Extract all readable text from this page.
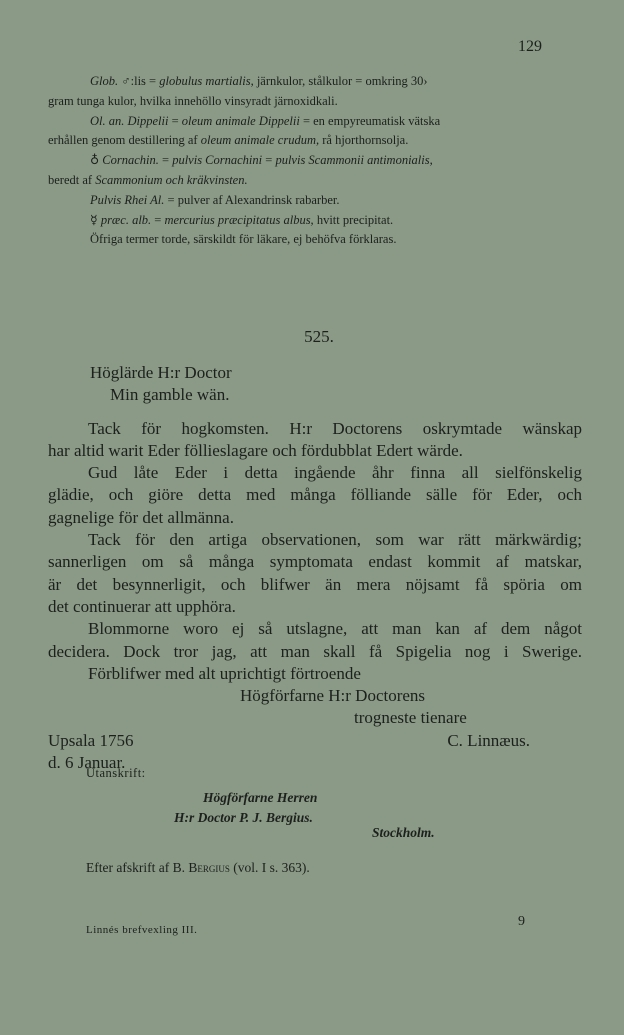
129

Glob. ♂:lis = globulus martialis, järnkulor, stålkulor = omkring 30›

gram tunga kulor, hvilka innehöllo vinsyradt järnoxidkali.

Ol. an. Dippelii = oleum animale Dippelii = en empyreumatisk vätska

erhållen genom destillering af oleum animale crudum, rå hjorthornsolja.

♁ Cornachin. = pulvis Cornachini = pulvis Scammonii antimonialis,

beredt af Scammonium och kräkvinsten.

Pulvis Rhei Al. = pulver af Alexandrinsk rabarber.

☿ præc. alb. = mercurius præcipitatus albus, hvitt precipitat.

Öfriga termer torde, särskildt för läkare, ej behöfva förklaras.

525.

Höglärde H:r Doctor

Min gamble wän.

Tack för hogkomsten. H:r Doctorens oskrymtade wänskap

har altid warit Eder föllieslagare och fördubblat Edert wärde.

Gud låte Eder i detta ingående åhr finna all sielfönskelig

glädie, och giöre detta med många fölliande sälle för Eder, och

gagnelige för det allmänna.

Tack för den artiga observationen, som war rätt märkwärdig;

sannerligen om så många symptomata endast kommit af matskar,

är det besynnerligit, och blifwer än mera nöjsamt få spöria om

det continuerar att upphöra.

Blommorne woro ej så utslagne, att man kan af dem något

decidera. Dock tror jag, att man skall få Spigelia nog i Swerige.

Förblifwer med alt uprichtigt förtroende

Högförfarne H:r Doctorens

trogneste tienare

Upsala 1756	C. Linnæus.

d. 6 Januar.

Utanskrift:
Högförfarne Herren
H:r Doctor P. J. Bergius.
Stockholm.
Efter afskrift af B. Bergius (vol. I s. 363).
Linnés brefvexling III.
9
